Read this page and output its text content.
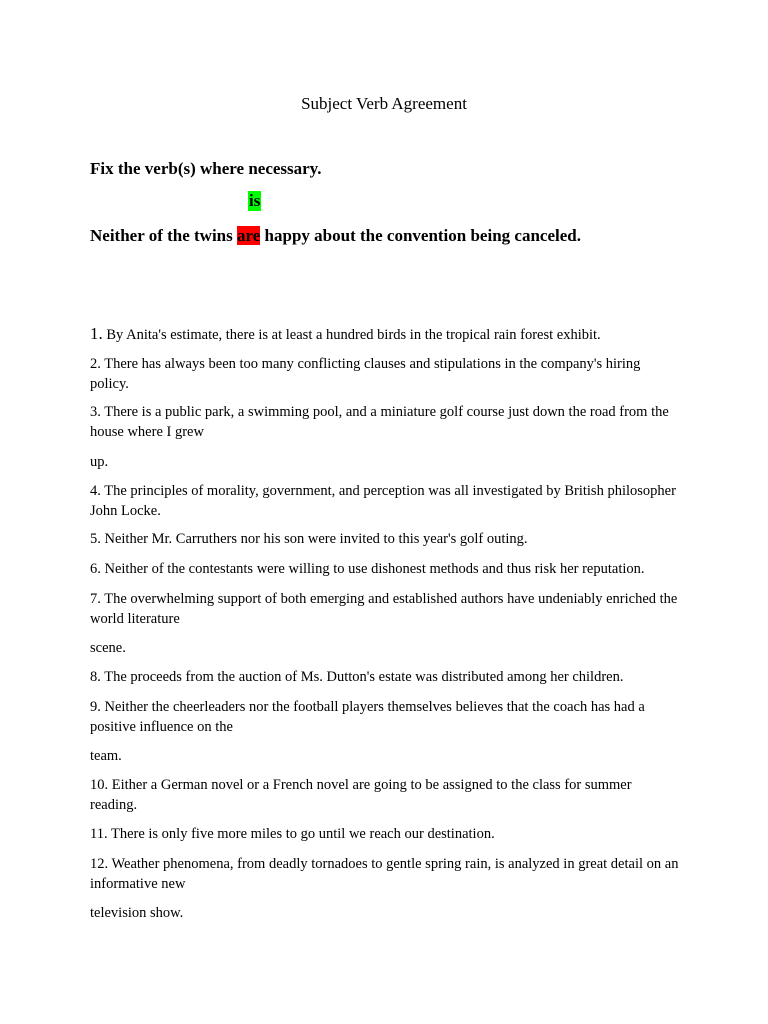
Subject Verb Agreement
Fix the verb(s) where necessary.
is
Neither of the twins are happy about the convention being canceled.
1. By Anita's estimate, there is at least a hundred birds in the tropical rain forest exhibit.
2. There has always been too many conflicting clauses and stipulations in the company's hiring policy.
3. There is a public park, a swimming pool, and a miniature golf course just down the road from the house where I grew
up.
4. The principles of morality, government, and perception was all investigated by British philosopher John Locke.
5. Neither Mr. Carruthers nor his son were invited to this year's golf outing.
6. Neither of the contestants were willing to use dishonest methods and thus risk her reputation.
7. The overwhelming support of both emerging and established authors have undeniably enriched the world literature
scene.
8. The proceeds from the auction of Ms. Dutton's estate was distributed among her children.
9. Neither the cheerleaders nor the football players themselves believes that the coach has had a positive influence on the
team.
10. Either a German novel or a French novel are going to be assigned to the class for summer reading.
11. There is only five more miles to go until we reach our destination.
12. Weather phenomena, from deadly tornadoes to gentle spring rain, is analyzed in great detail on an informative new
television show.
